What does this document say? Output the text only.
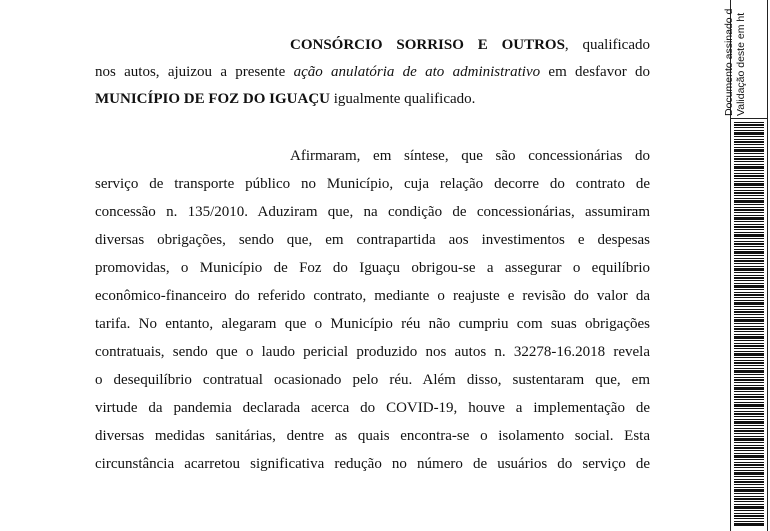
CONSÓRCIO SORRISO E OUTROS, qualificado
nos autos, ajuizou a presente ação anulatória de ato administrativo em desfavor do
MUNICÍPIO DE FOZ DO IGUAÇU igualmente qualificado.
Afirmaram, em síntese, que são concessionárias do
serviço de transporte público no Município, cuja relação decorre do contrato de
concessão n. 135/2010. Aduziram que, na condição de concessionárias, assumiram
diversas obrigações, sendo que, em contrapartida aos investimentos e despesas
promovidas, o Município de Foz do Iguaçu obrigou-se a assegurar o equilíbrio
econômico-financeiro do referido contrato, mediante o reajuste e revisão do valor da
tarifa. No entanto, alegaram que o Município réu não cumpriu com suas obrigações
contratuais, sendo que o laudo pericial produzido nos autos n. 32278-16.2018 revela
o desequilíbrio contratual ocasionado pelo réu. Além disso, sustentaram que, em
virtude da pandemia declarada acerca do COVID-19, houve a implementação de
diversas medidas sanitárias, dentre as quais encontra-se o isolamento social. Esta
circunstância acarretou significativa redução no número de usuários do serviço de
Documento assinado d Validação deste em ht
